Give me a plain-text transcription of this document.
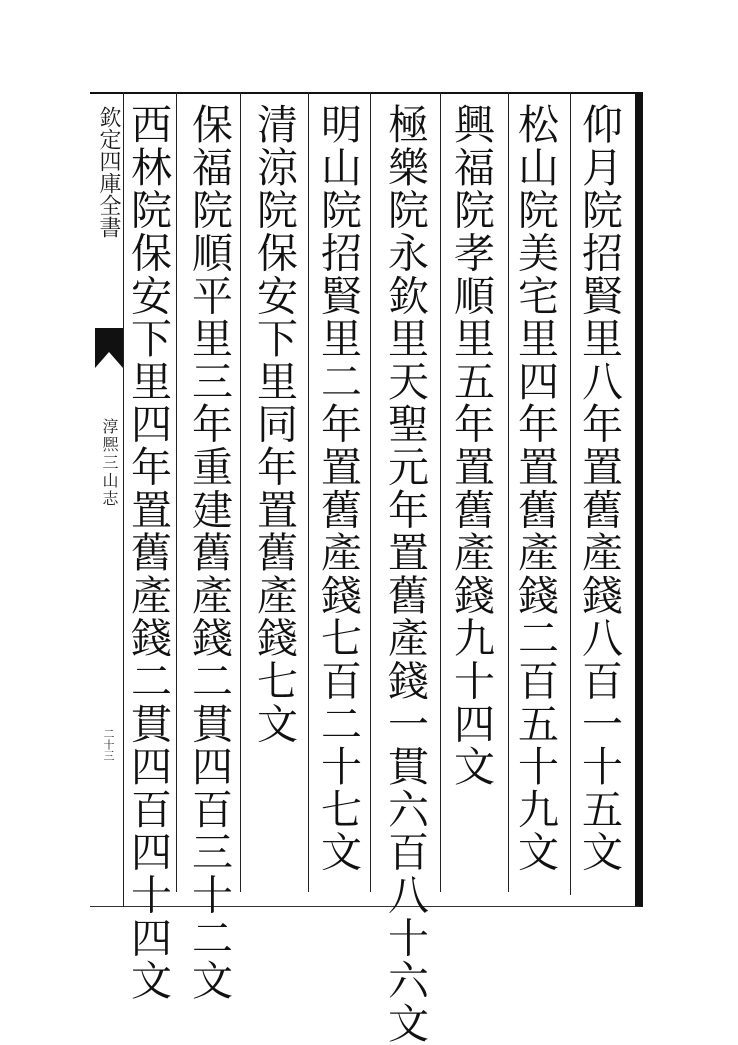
欽定四庫全書
淳熈三山志
二十三	仰月院招賢里八年置舊產錢八百一十五文
松山院美宅里四年置舊產錢二百五十九文
興福院孝順里五年置舊產錢九十四文
極樂院永欽里天聖元年置舊產錢一貫六百八十六文
明山院招賢里二年置舊產錢七百二十七文
清涼院保安下里同年置舊產錢七文
保福院順平里三年重建舊產錢二貫四百三十二文
西林院保安下里四年置舊產錢二貫四百四十四文
